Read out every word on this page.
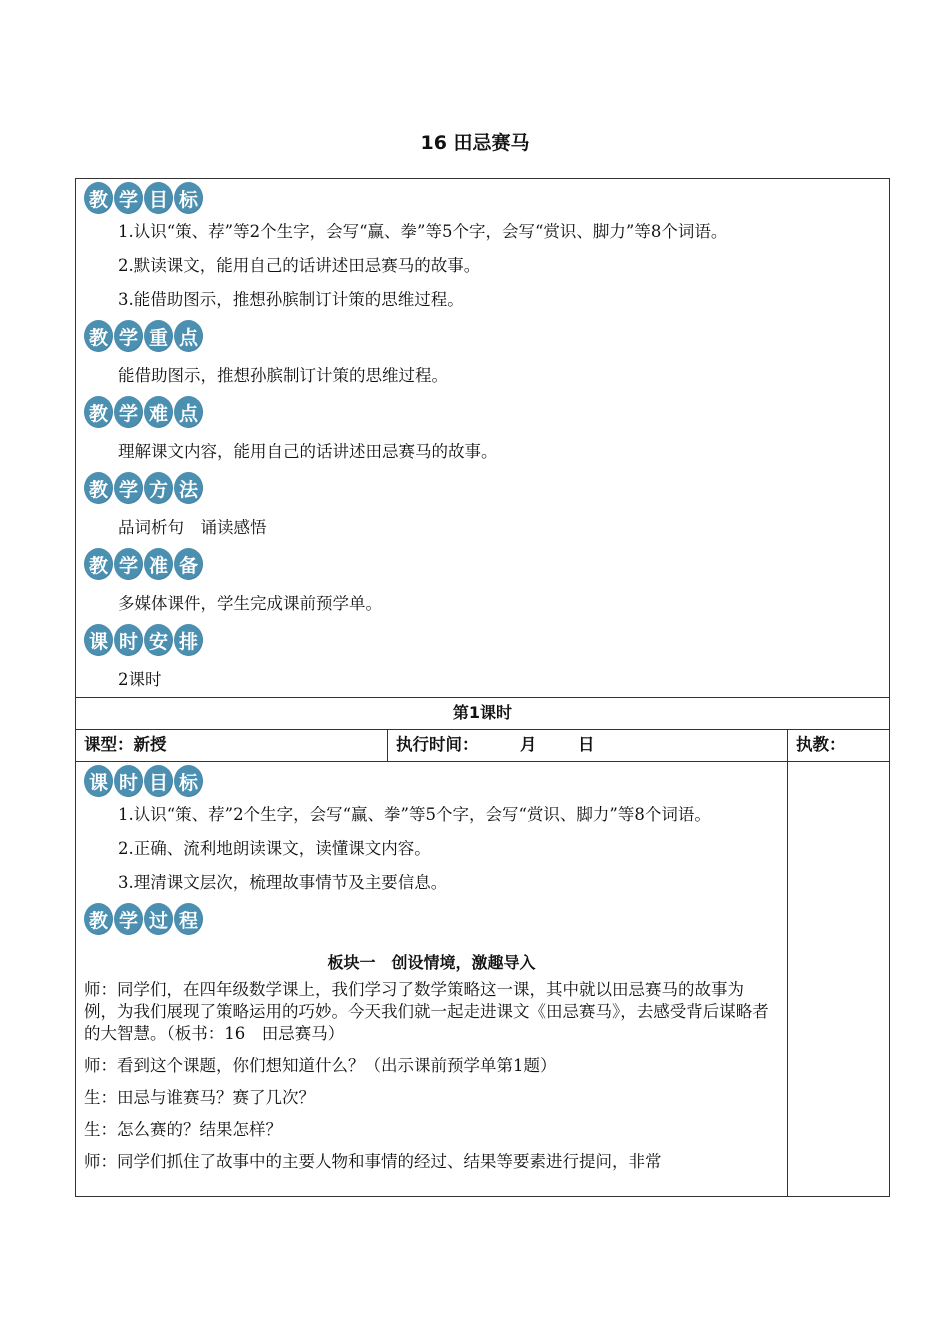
16 田忌赛马
教 学 目 标

1.认识“策、荐”等2个生字，会写“赢、拳”等5个字，会写“赏识、脚力”等8个词语。

2.默读课文，能用自己的话讲述田忌赛马的故事。

3.能借助图示，推想孙膑制订计策的思维过程。

教 学 重 点

能借助图示，推想孙膑制订计策的思维过程。

教 学 难 点

理解课文内容，能用自己的话讲述田忌赛马的故事。

教 学 方 法

品词析句　诵读感悟

教 学 准 备

多媒体课件，学生完成课前预学单。

课 时 安 排

2课时

第1课时
课型：新授	执行时间：	月	日	执教：
课 时 目 标

1.认识“策、荐”2个生字，会写“赢、拳”等5个字，会写“赏识、脚力”等8个词语。

2.正确、流利地朗读课文，读懂课文内容。

3.理清课文层次，梳理故事情节及主要信息。

教 学 过 程
板块一　创设情境，激趣导入

师：同学们，在四年级数学课上，我们学习了数学策略这一课，其中就以田忌赛马的故事为例，为我们展现了策略运用的巧妙。今天我们就一起走进课文《田忌赛马》，去感受背后谋略者的大智慧。（板书：16　田忌赛马）

师：看到这个课题，你们想知道什么？（出示课前预学单第1题）

生：田忌与谁赛马？赛了几次？

生：怎么赛的？结果怎样？

师：同学们抓住了故事中的主要人物和事情的经过、结果等要素进行提问，非常
